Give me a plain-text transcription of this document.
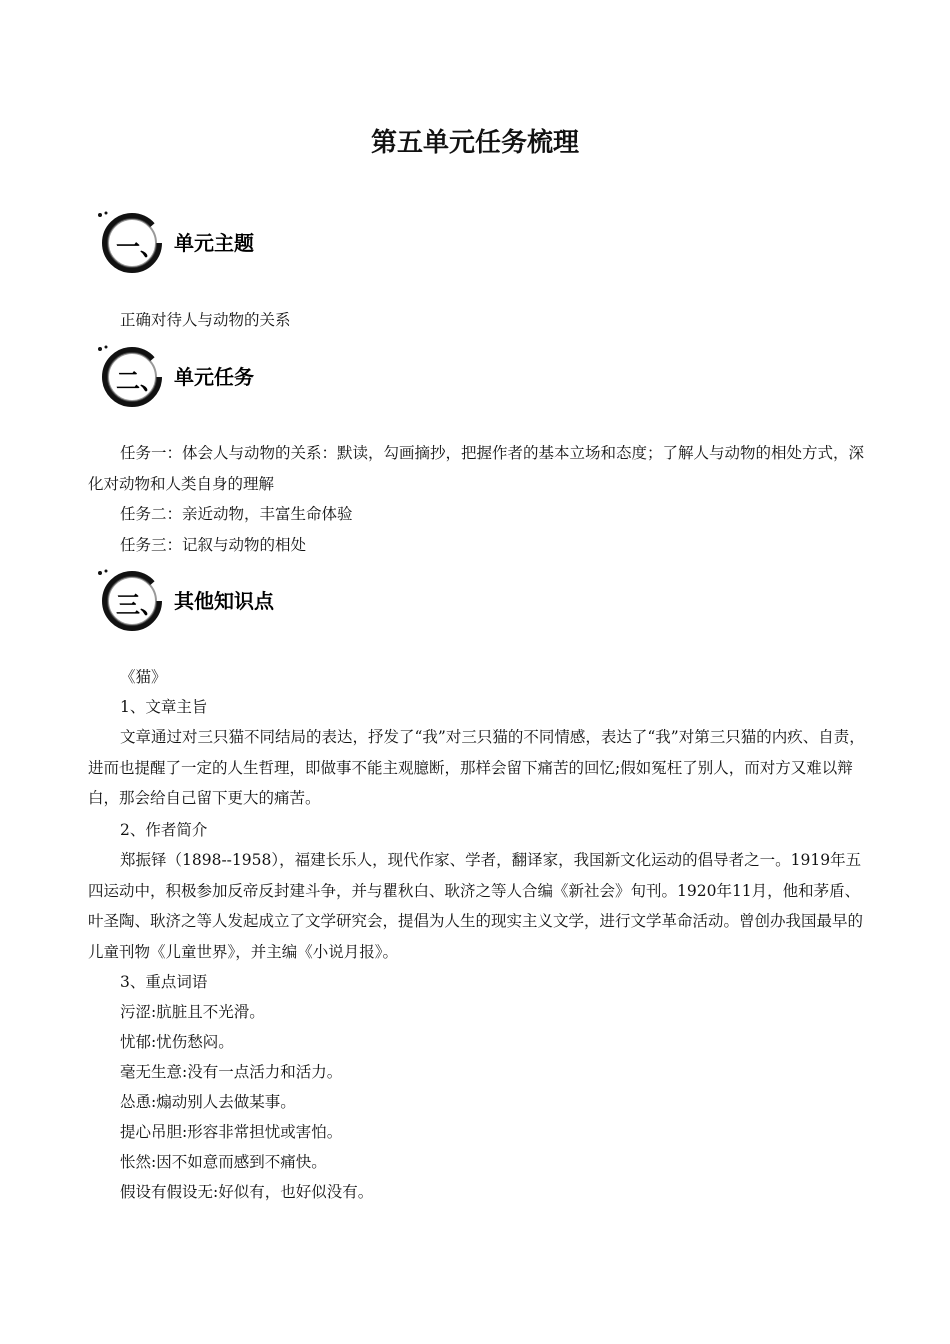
第五单元任务梳理
一、 单元主题
正确对待人与动物的关系
二、 单元任务
任务一：体会人与动物的关系：默读，勾画摘抄，把握作者的基本立场和态度；了解人与动物的相处方式，深化对动物和人类自身的理解
任务二：亲近动物，丰富生命体验
任务三：记叙与动物的相处
三、 其他知识点
《猫》
1、文章主旨
文章通过对三只猫不同结局的表达，抒发了“我”对三只猫的不同情感，表达了“我”对第三只猫的内疚、自责，进而也提醒了一定的人生哲理，即做事不能主观臆断，那样会留下痛苦的回忆;假如冤枉了别人，而对方又难以辩白，那会给自己留下更大的痛苦。
2、作者简介
郑振铎（1898--1958），福建长乐人，现代作家、学者，翻译家，我国新文化运动的倡导者之一。1919年五四运动中，积极参加反帝反封建斗争，并与瞿秋白、耿济之等人合编《新社会》旬刊。1920年11月，他和茅盾、叶圣陶、耿济之等人发起成立了文学研究会，提倡为人生的现实主义文学，进行文学革命活动。曾创办我国最早的儿童刊物《儿童世界》，并主编《小说月报》。
3、重点词语
污涩:肮脏且不光滑。
忧郁:忧伤愁闷。
毫无生意:没有一点活力和活力。
怂恿:煽动别人去做某事。
提心吊胆:形容非常担忧或害怕。
怅然:因不如意而感到不痛快。
假设有假设无:好似有，也好似没有。
